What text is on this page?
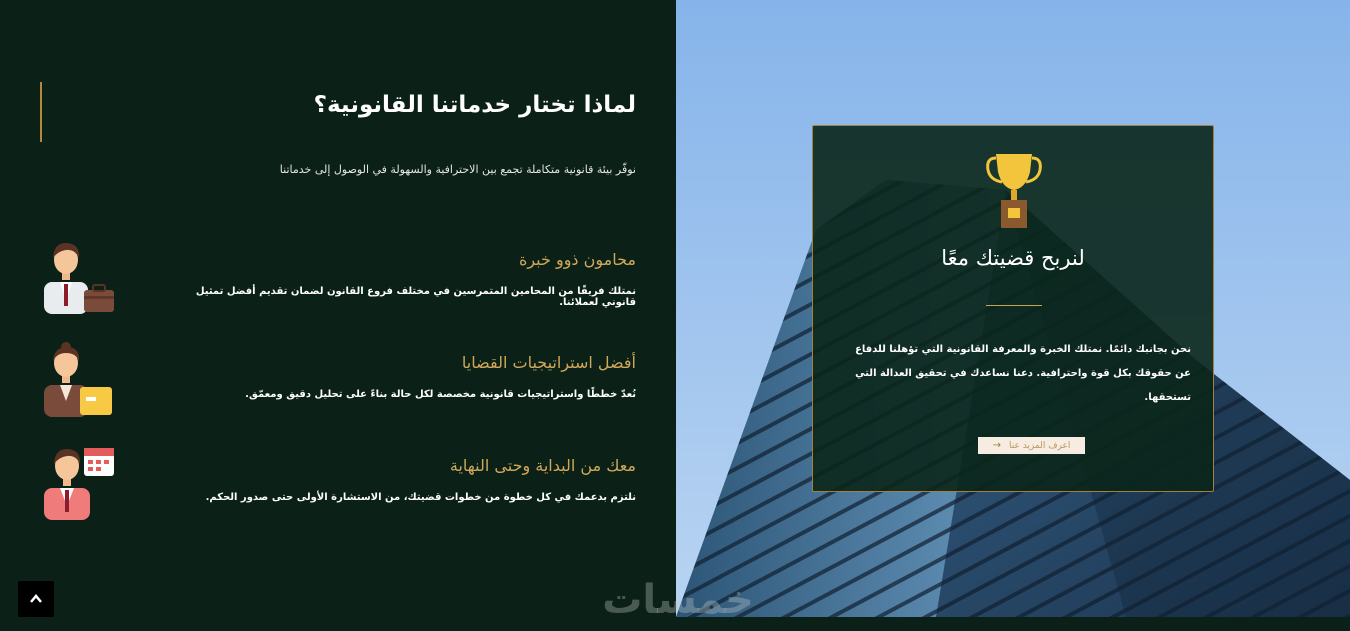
لماذا تختار خدماتنا القانونية؟
نوفّر بيئة قانونية متكاملة تجمع بين الاحترافية والسهولة في الوصول إلى خدماتنا
محامون ذوو خبرة
نمتلك فريقًا من المحامين المتمرسين في مختلف فروع القانون لضمان تقديم أفضل تمثيل قانوني لعملائنا.
أفضل استراتيجيات القضايا
نُعدّ خططًا واستراتيجيات قانونية مخصصة لكل حالة بناءً على تحليل دقيق ومعمّق.
معك من البداية وحتى النهاية
نلتزم بدعمك في كل خطوة من خطوات قضيتك، من الاستشارة الأولى حتى صدور الحكم.
لنربح قضيتك معًا
نحن بجانبك دائمًا. نمتلك الخبرة والمعرفة القانونية التي تؤهلنا للدفاع عن حقوقك بكل قوة واحترافية. دعنا نساعدك في تحقيق العدالة التي تستحقها.
اعرف المزيد عنا
→
خمسات
